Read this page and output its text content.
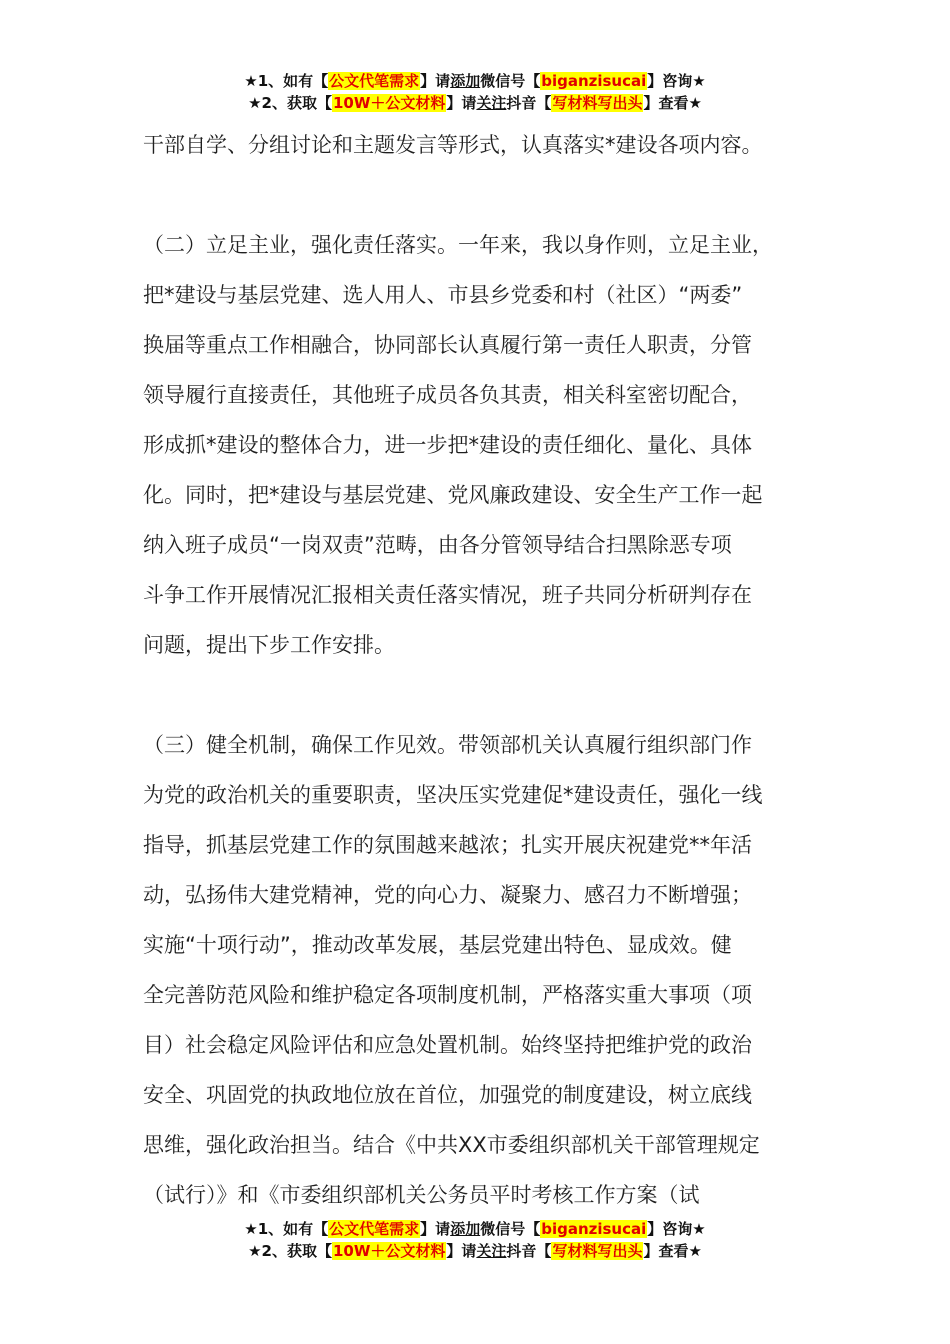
★1、如有【公文代笔需求】请添加微信号【biganzisucai】咨询★
★2、获取【10W＋公文材料】请关注抖音【写材料写出头】查看★
干部自学、分组讨论和主题发言等形式，认真落实*建设各项内容。
（二）立足主业，强化责任落实。一年来，我以身作则，立足主业，
把*建设与基层党建、选人用人、市县乡党委和村（社区）“两委”
换届等重点工作相融合，协同部长认真履行第一责任人职责，分管
领导履行直接责任，其他班子成员各负其责，相关科室密切配合，
形成抓*建设的整体合力，进一步把*建设的责任细化、量化、具体
化。同时，把*建设与基层党建、党风廉政建设、安全生产工作一起
纳入班子成员“一岗双责”范畴，由各分管领导结合扫黑除恶专项
斗争工作开展情况汇报相关责任落实情况，班子共同分析研判存在
问题，提出下步工作安排。
（三）健全机制，确保工作见效。带领部机关认真履行组织部门作
为党的政治机关的重要职责，坚决压实党建促*建设责任，强化一线
指导，抓基层党建工作的氛围越来越浓；扎实开展庆祝建党**年活
动，弘扬伟大建党精神，党的向心力、凝聚力、感召力不断增强；
实施“十项行动”，推动改革发展，基层党建出特色、显成效。健
全完善防范风险和维护稳定各项制度机制，严格落实重大事项（项
目）社会稳定风险评估和应急处置机制。始终坚持把维护党的政治
安全、巩固党的执政地位放在首位，加强党的制度建设，树立底线
思维，强化政治担当。结合《中共XX市委组织部机关干部管理规定
（试行）》和《市委组织部机关公务员平时考核工作方案（试
★1、如有【公文代笔需求】请添加微信号【biganzisucai】咨询★
★2、获取【10W＋公文材料】请关注抖音【写材料写出头】查看★
